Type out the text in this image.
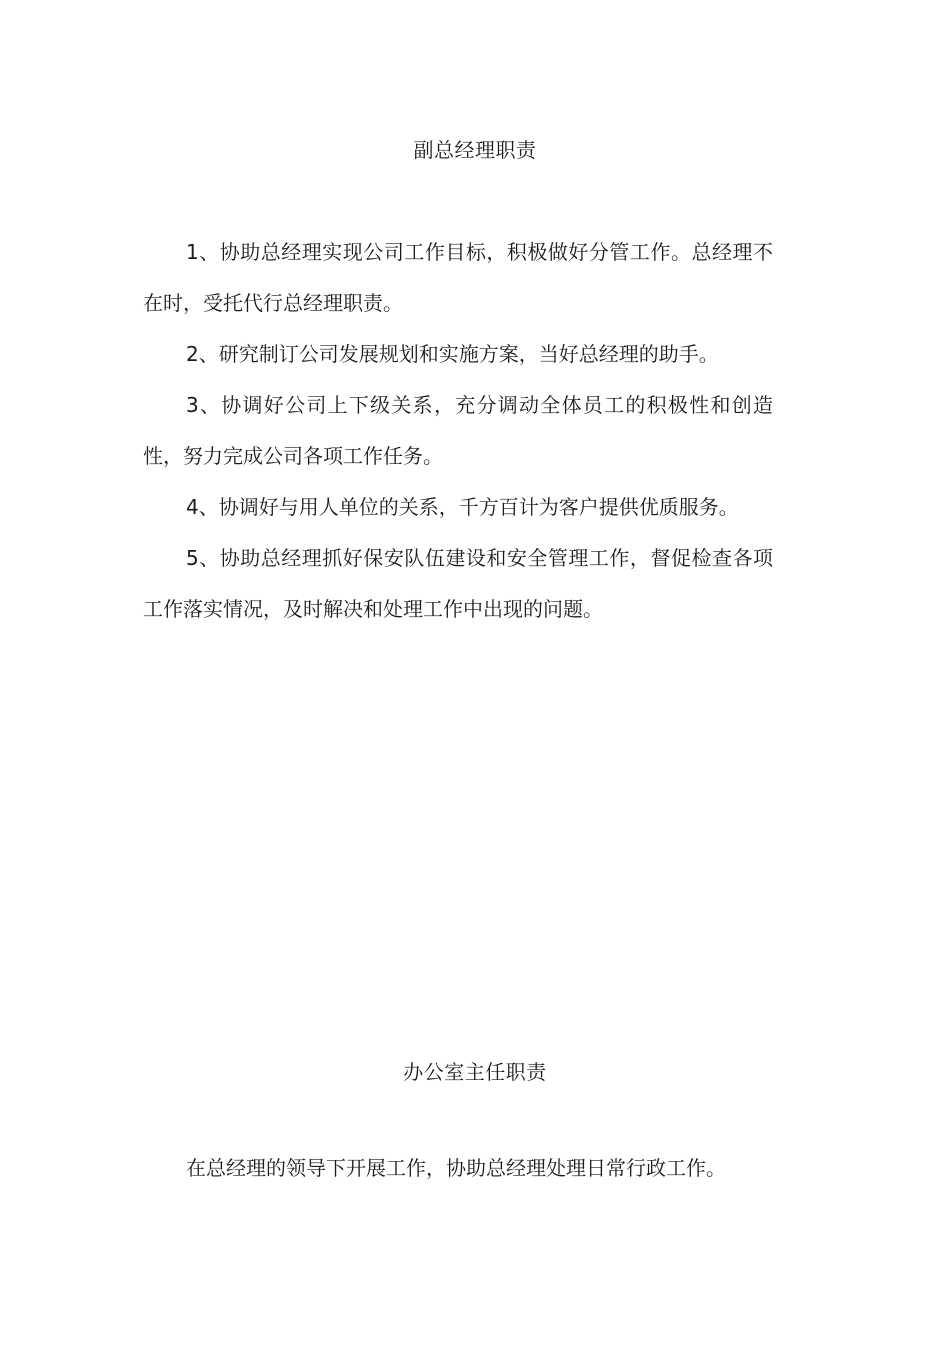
副总经理职责

1、协助总经理实现公司工作目标，积极做好分管工作。总经理不在时，受托代行总经理职责。

2、研究制订公司发展规划和实施方案，当好总经理的助手。

3、协调好公司上下级关系，充分调动全体员工的积极性和创造性，努力完成公司各项工作任务。

4、协调好与用人单位的关系，千方百计为客户提供优质服务。

5、协助总经理抓好保安队伍建设和安全管理工作，督促检查各项工作落实情况，及时解决和处理工作中出现的问题。

办公室主任职责

在总经理的领导下开展工作，协助总经理处理日常行政工作。
